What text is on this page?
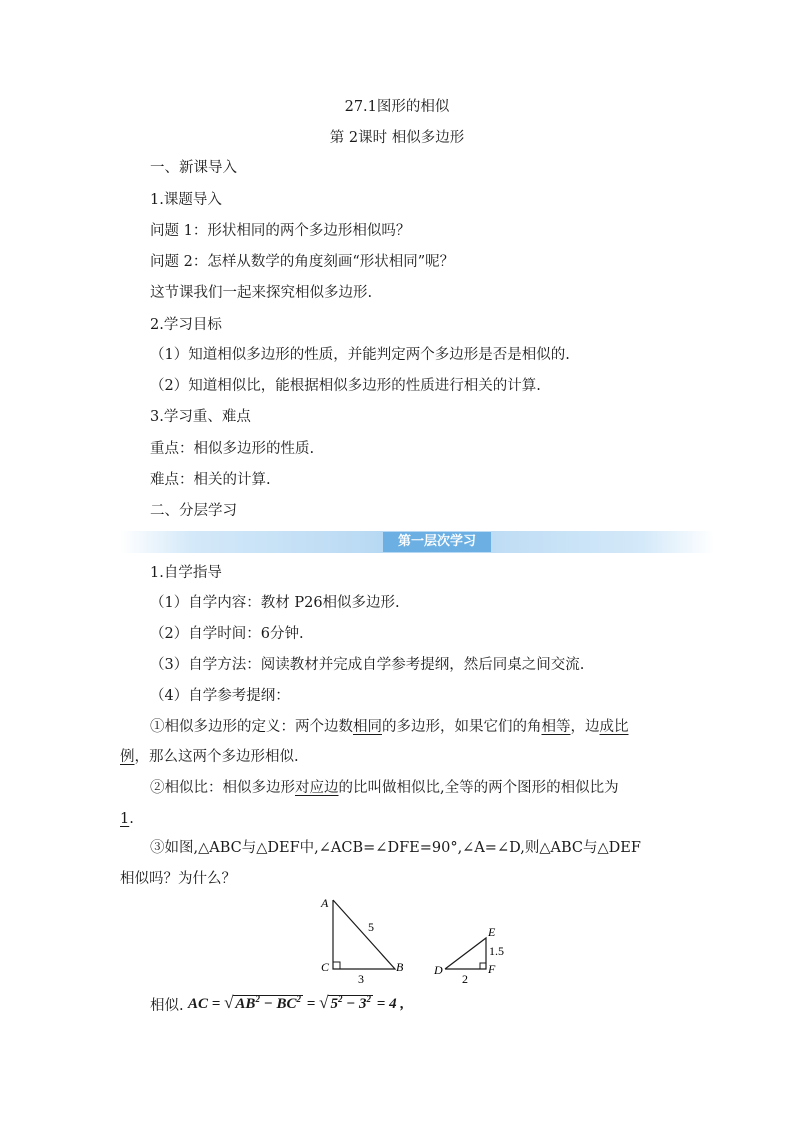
27.1图形的相似
第 2课时 相似多边形
一、新课导入
1.课题导入
问题 1：形状相同的两个多边形相似吗？
问题 2：怎样从数学的角度刻画“形状相同”呢？
这节课我们一起来探究相似多边形.
2.学习目标
（1）知道相似多边形的性质，并能判定两个多边形是否是相似的.
（2）知道相似比，能根据相似多边形的性质进行相关的计算.
3.学习重、难点
重点：相似多边形的性质.
难点：相关的计算.
二、分层学习
第一层次学习
1.自学指导
（1）自学内容：教材 P26相似多边形.
（2）自学时间：6分钟.
（3）自学方法：阅读教材并完成自学参考提纲，然后同桌之间交流.
（4）自学参考提纲：
①相似多边形的定义：两个边数相同的多边形，如果它们的角相等，边成比
例，那么这两个多边形相似.
②相似比：相似多边形对应边的比叫做相似比,全等的两个图形的相似比为
1.
③如图,△ABC与△DEF中,∠ACB=∠DFE=90°,∠A=∠D,则△ABC与△DEF
相似吗？为什么？
A
C	B
5
3
D
E
F
1.5
2
相似. AC = √ $AB^2 - BC^2$ = √ $5^2 - 3^2 = 4$ ,
